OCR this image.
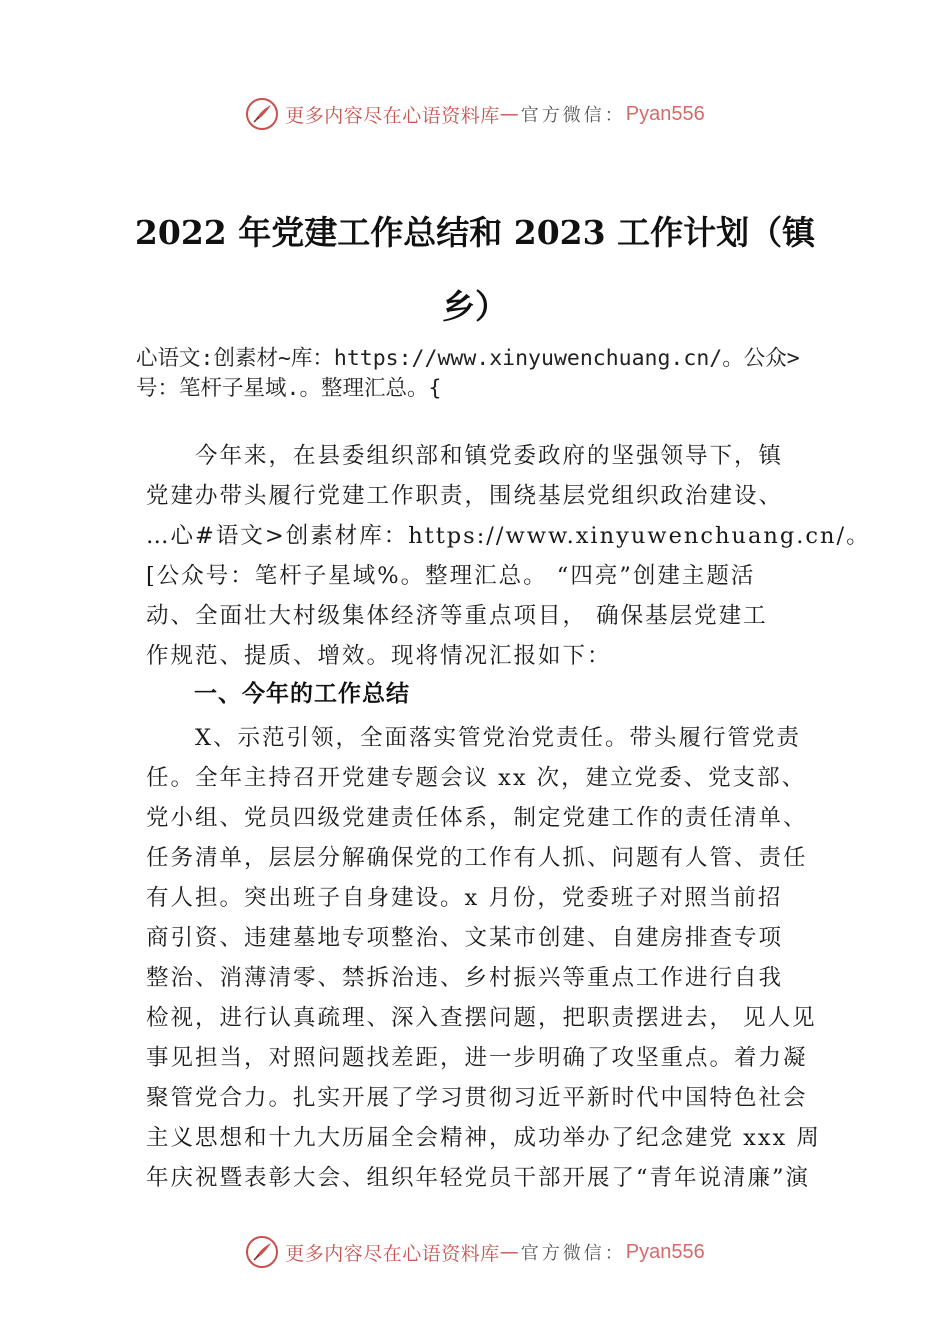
更多内容尽在心语资料库 — 官方微信： Pyan556
2022 年党建工作总结和 2023 工作计划（镇
乡）
心语文:创素材~库：https://www.xinyuwenchuang.cn/。公众>
号：笔杆子星域.。整理汇总。{
　　今年来，在县委组织部和镇党委政府的坚强领导下，镇
党建办带头履行党建工作职责，围绕基层党组织政治建设、
…心#语文>创素材库：https://www.xinyuwenchuang.cn/。
[公众号：笔杆子星域%。整理汇总。 “四亮”创建主题活
动、全面壮大村级集体经济等重点项目， 确保基层党建工
作规范、提质、增效。现将情况汇报如下：
一、今年的工作总结
　　X、示范引领，全面落实管党治党责任。带头履行管党责
任。全年主持召开党建专题会议 xx 次，建立党委、党支部、
党小组、党员四级党建责任体系，制定党建工作的责任清单、
任务清单，层层分解确保党的工作有人抓、问题有人管、责任
有人担。突出班子自身建设。x 月份，党委班子对照当前招
商引资、违建墓地专项整治、文某市创建、自建房排查专项
整治、消薄清零、禁拆治违、乡村振兴等重点工作进行自我
检视，进行认真疏理、深入查摆问题，把职责摆进去， 见人见
事见担当，对照问题找差距，进一步明确了攻坚重点。着力凝
聚管党合力。扎实开展了学习贯彻习近平新时代中国特色社会
主义思想和十九大历届全会精神，成功举办了纪念建党 xxx 周
年庆祝暨表彰大会、组织年轻党员干部开展了“青年说清廉”演
更多内容尽在心语资料库 — 官方微信： Pyan556
